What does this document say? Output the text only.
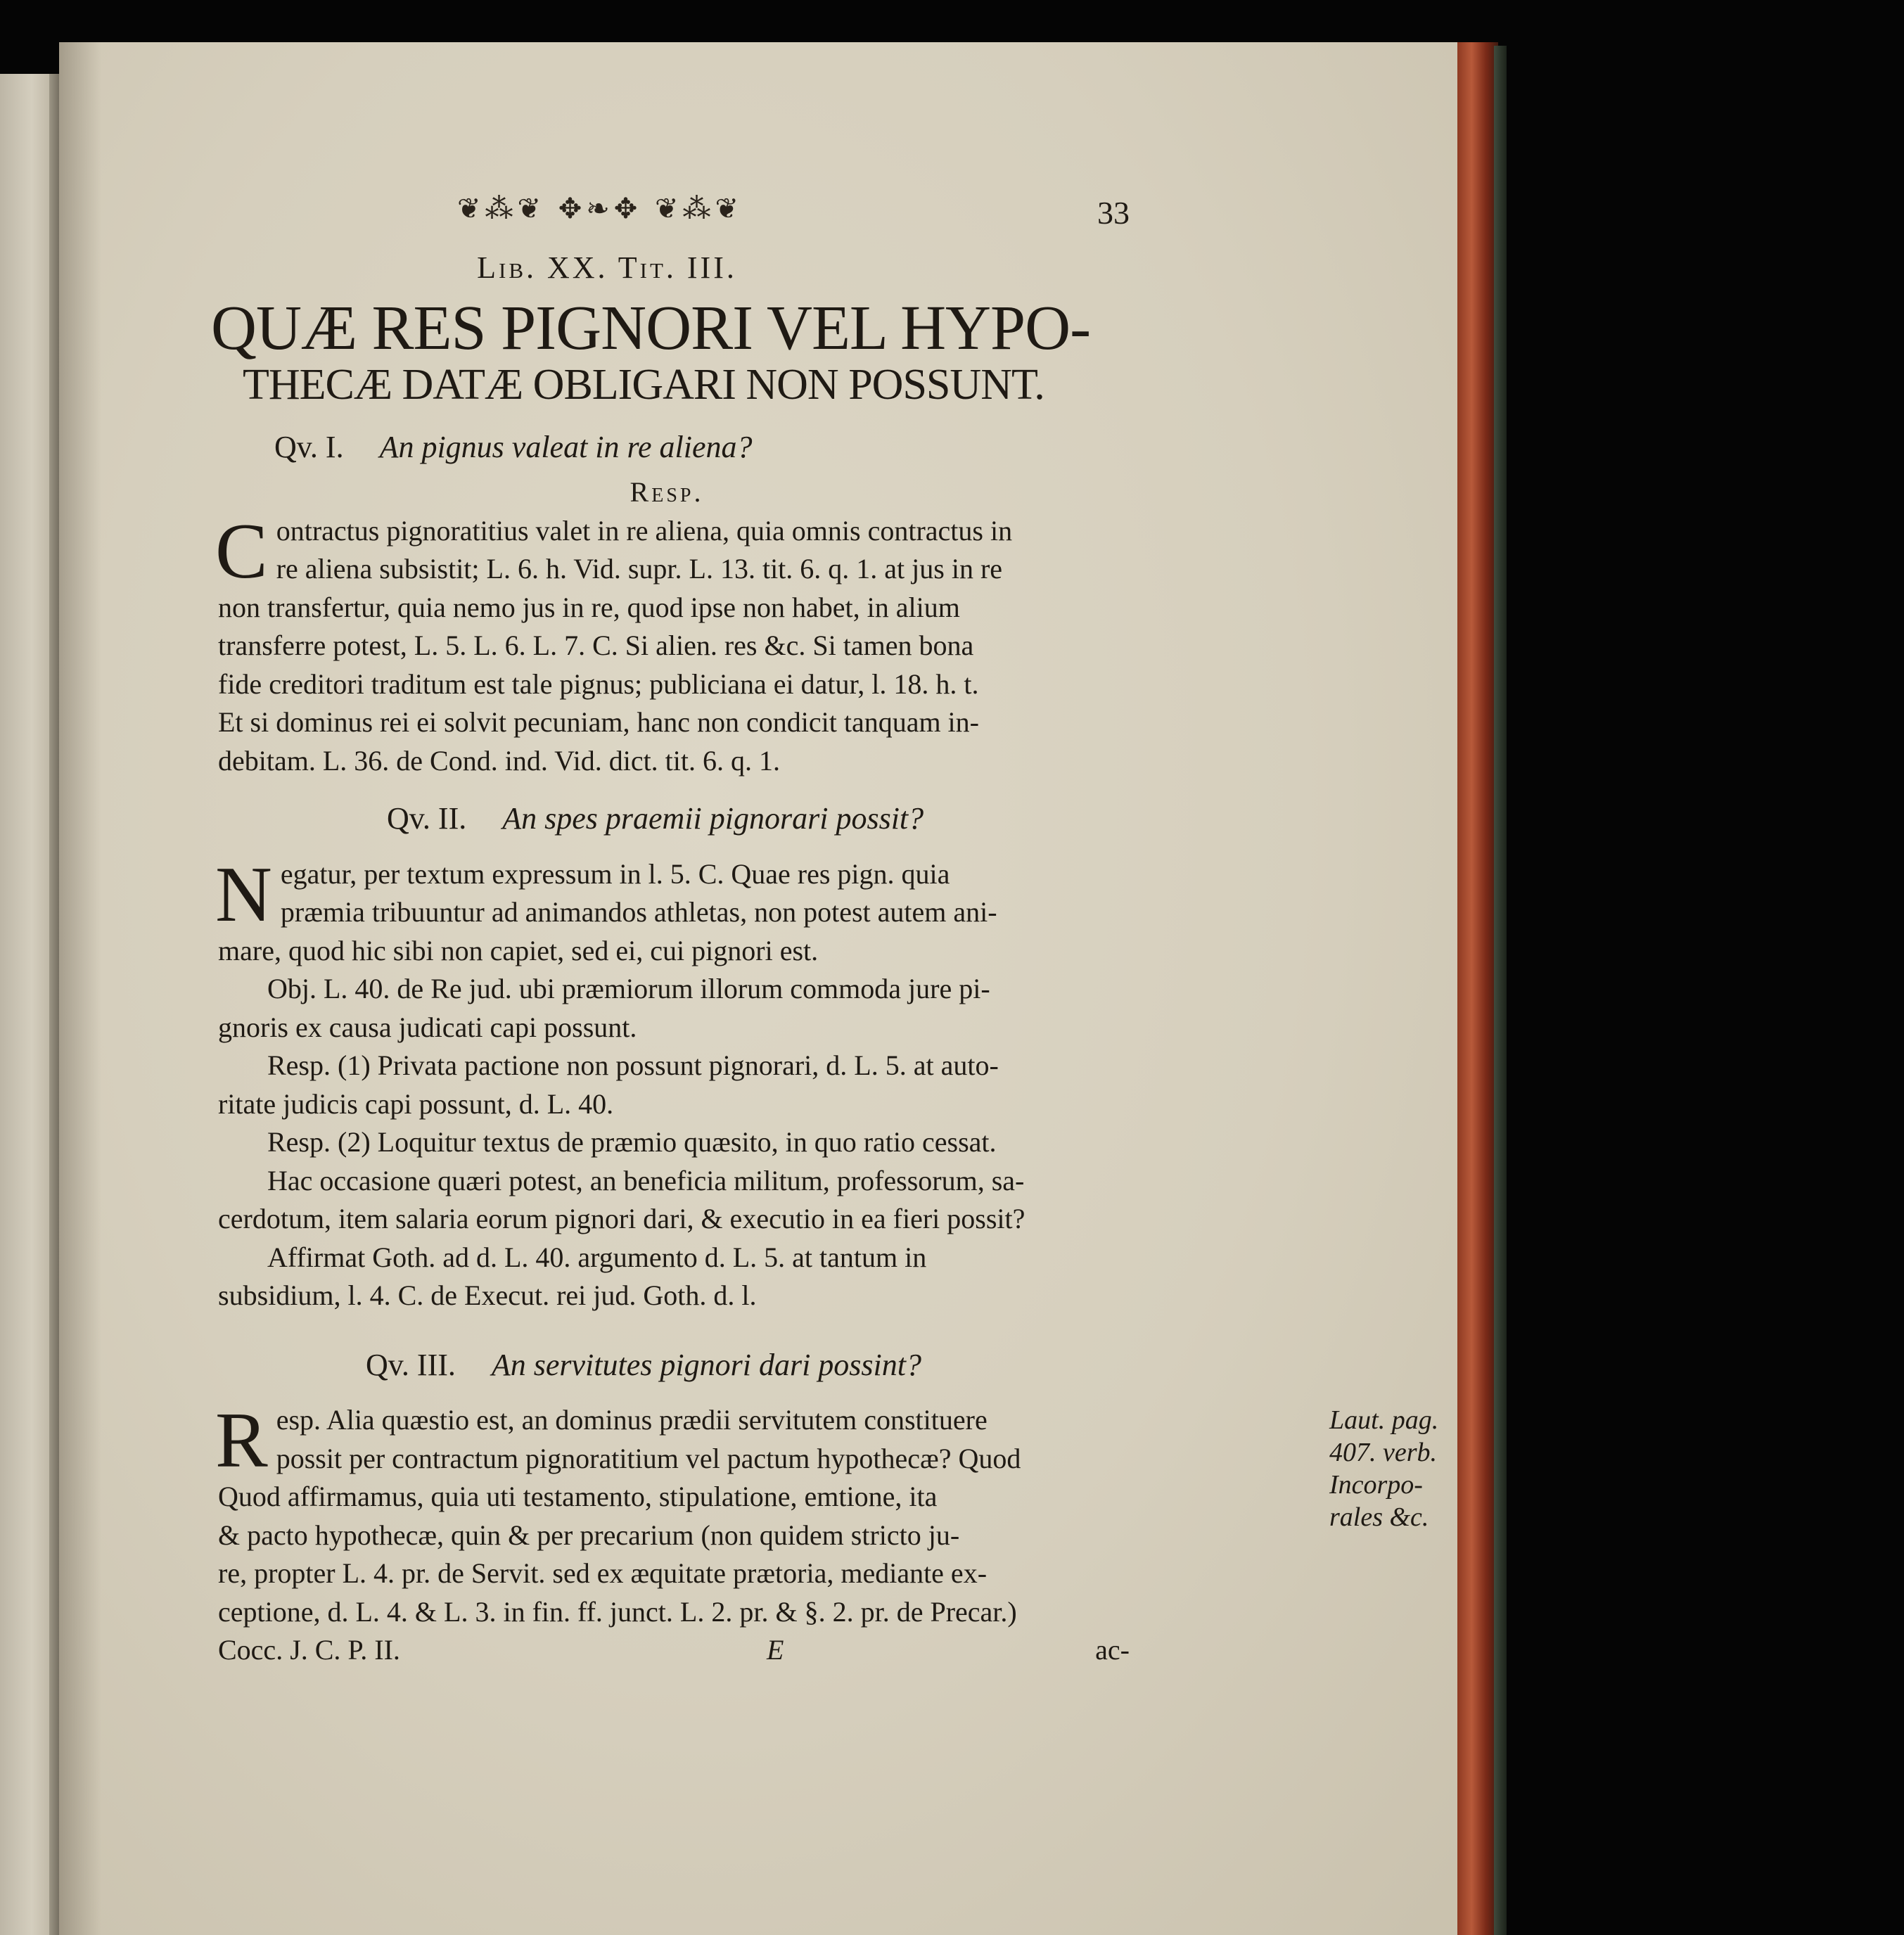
❦⁂❦ ✥❧✥ ❦⁂❦	33
Lib. XX. Tit. III.
QUÆ RES PIGNORI VEL HYPO-
THECÆ DATÆ OBLIGARI NON POSSUNT.
Qv. I. An pignus valeat in re aliena?
Resp.
C ontractus pignoratitius valet in re aliena, quia omnis contractus in

re aliena subsistit; L. 6. h. Vid. supr. L. 13. tit. 6. q. 1. at jus in re

non transfertur, quia nemo jus in re, quod ipse non habet, in alium

transferre potest, L. 5. L. 6. L. 7. C. Si alien. res &c. Si tamen bona

fide creditori traditum est tale pignus; publiciana ei datur, l. 18. h. t.

Et si dominus rei ei solvit pecuniam, hanc non condicit tanquam in-

debitam. L. 36. de Cond. ind. Vid. dict. tit. 6. q. 1.

Qv. II. An spes praemii pignorari possit?
N egatur, per textum expressum in l. 5. C. Quae res pign. quia

præmia tribuuntur ad animandos athletas, non potest autem ani-

mare, quod hic sibi non capiet, sed ei, cui pignori est.

Obj. L. 40. de Re jud. ubi præmiorum illorum commoda jure pi-

gnoris ex causa judicati capi possunt.

Resp. (1) Privata pactione non possunt pignorari, d. L. 5. at auto-

ritate judicis capi possunt, d. L. 40.

Resp. (2) Loquitur textus de præmio quæsito, in quo ratio cessat.

Hac occasione quæri potest, an beneficia militum, professorum, sa-

cerdotum, item salaria eorum pignori dari, & executio in ea fieri possit?

Affirmat Goth. ad d. L. 40. argumento d. L. 5. at tantum in

subsidium, l. 4. C. de Execut. rei jud. Goth. d. l.

Qv. III. An servitutes pignori dari possint?
R esp. Alia quæstio est, an dominus prædii servitutem constituere

possit per contractum pignoratitium vel pactum hypothecæ? Quod

Quod affirmamus, quia uti testamento, stipulatione, emtione, ita

& pacto hypothecæ, quin & per precarium (non quidem stricto ju-

re, propter L. 4. pr. de Servit. sed ex æquitate prætoria, mediante ex-

ceptione, d. L. 4. & L. 3. in fin. ff. junct. L. 2. pr. & §. 2. pr. de Precar.)

Laut. pag.
407. verb.
Incorpo-
rales &c.
Cocc. J. C. P. II.	E	ac-
